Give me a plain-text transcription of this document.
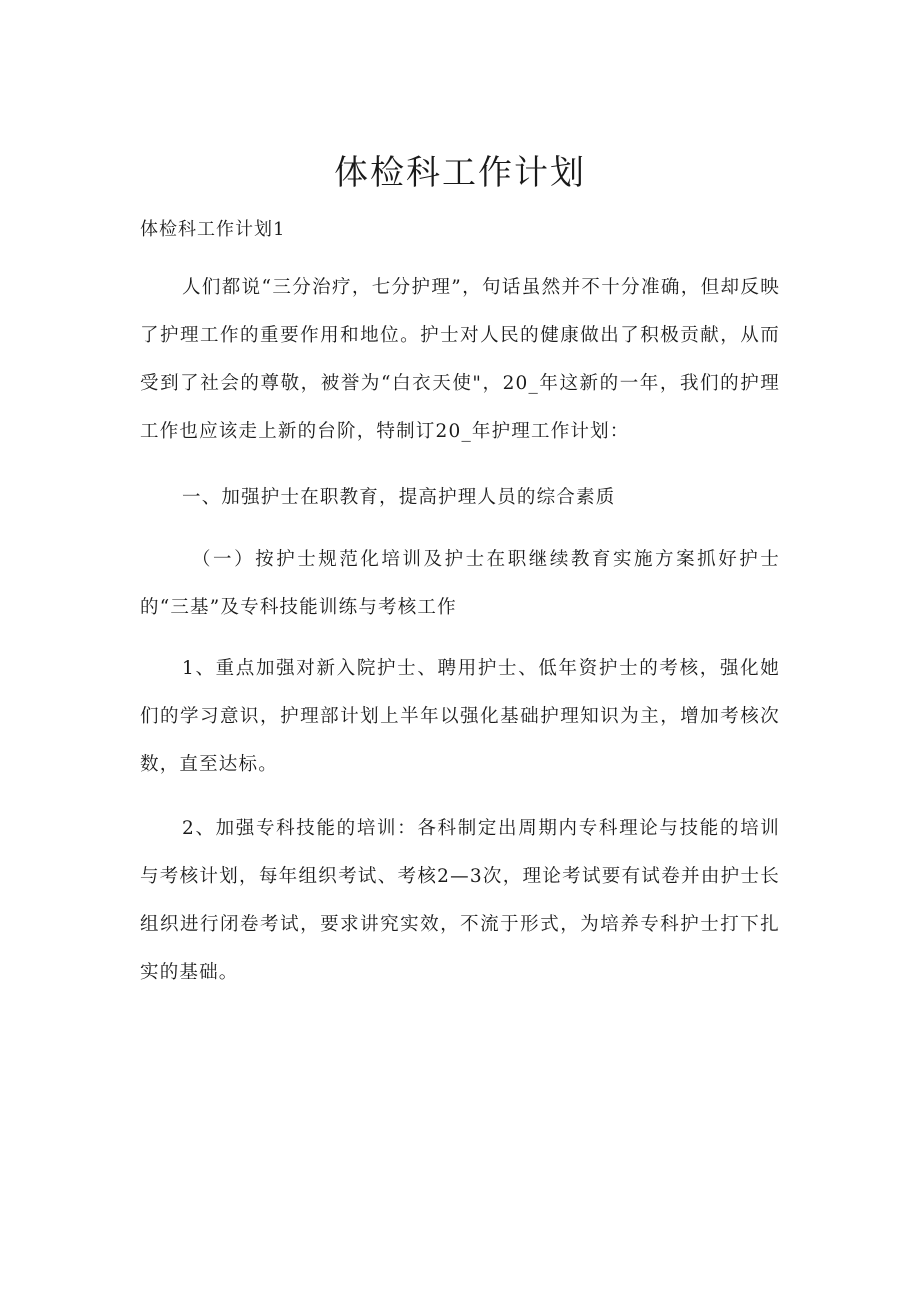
体检科工作计划

体检科工作计划1

人们都说“三分治疗，七分护理”，句话虽然并不十分准确，但却反映了护理工作的重要作用和地位。护士对人民的健康做出了积极贡献，从而受到了社会的尊敬，被誉为“白衣天使"，20_年这新的一年，我们的护理工作也应该走上新的台阶，特制订20_年护理工作计划：

一、加强护士在职教育，提高护理人员的综合素质

（一）按护士规范化培训及护士在职继续教育实施方案抓好护士的“三基”及专科技能训练与考核工作

1、重点加强对新入院护士、聘用护士、低年资护士的考核，强化她们的学习意识，护理部计划上半年以强化基础护理知识为主，增加考核次数，直至达标。

2、加强专科技能的培训：各科制定出周期内专科理论与技能的培训与考核计划，每年组织考试、考核2—3次，理论考试要有试卷并由护士长组织进行闭卷考试，要求讲究实效，不流于形式，为培养专科护士打下扎实的基础。
